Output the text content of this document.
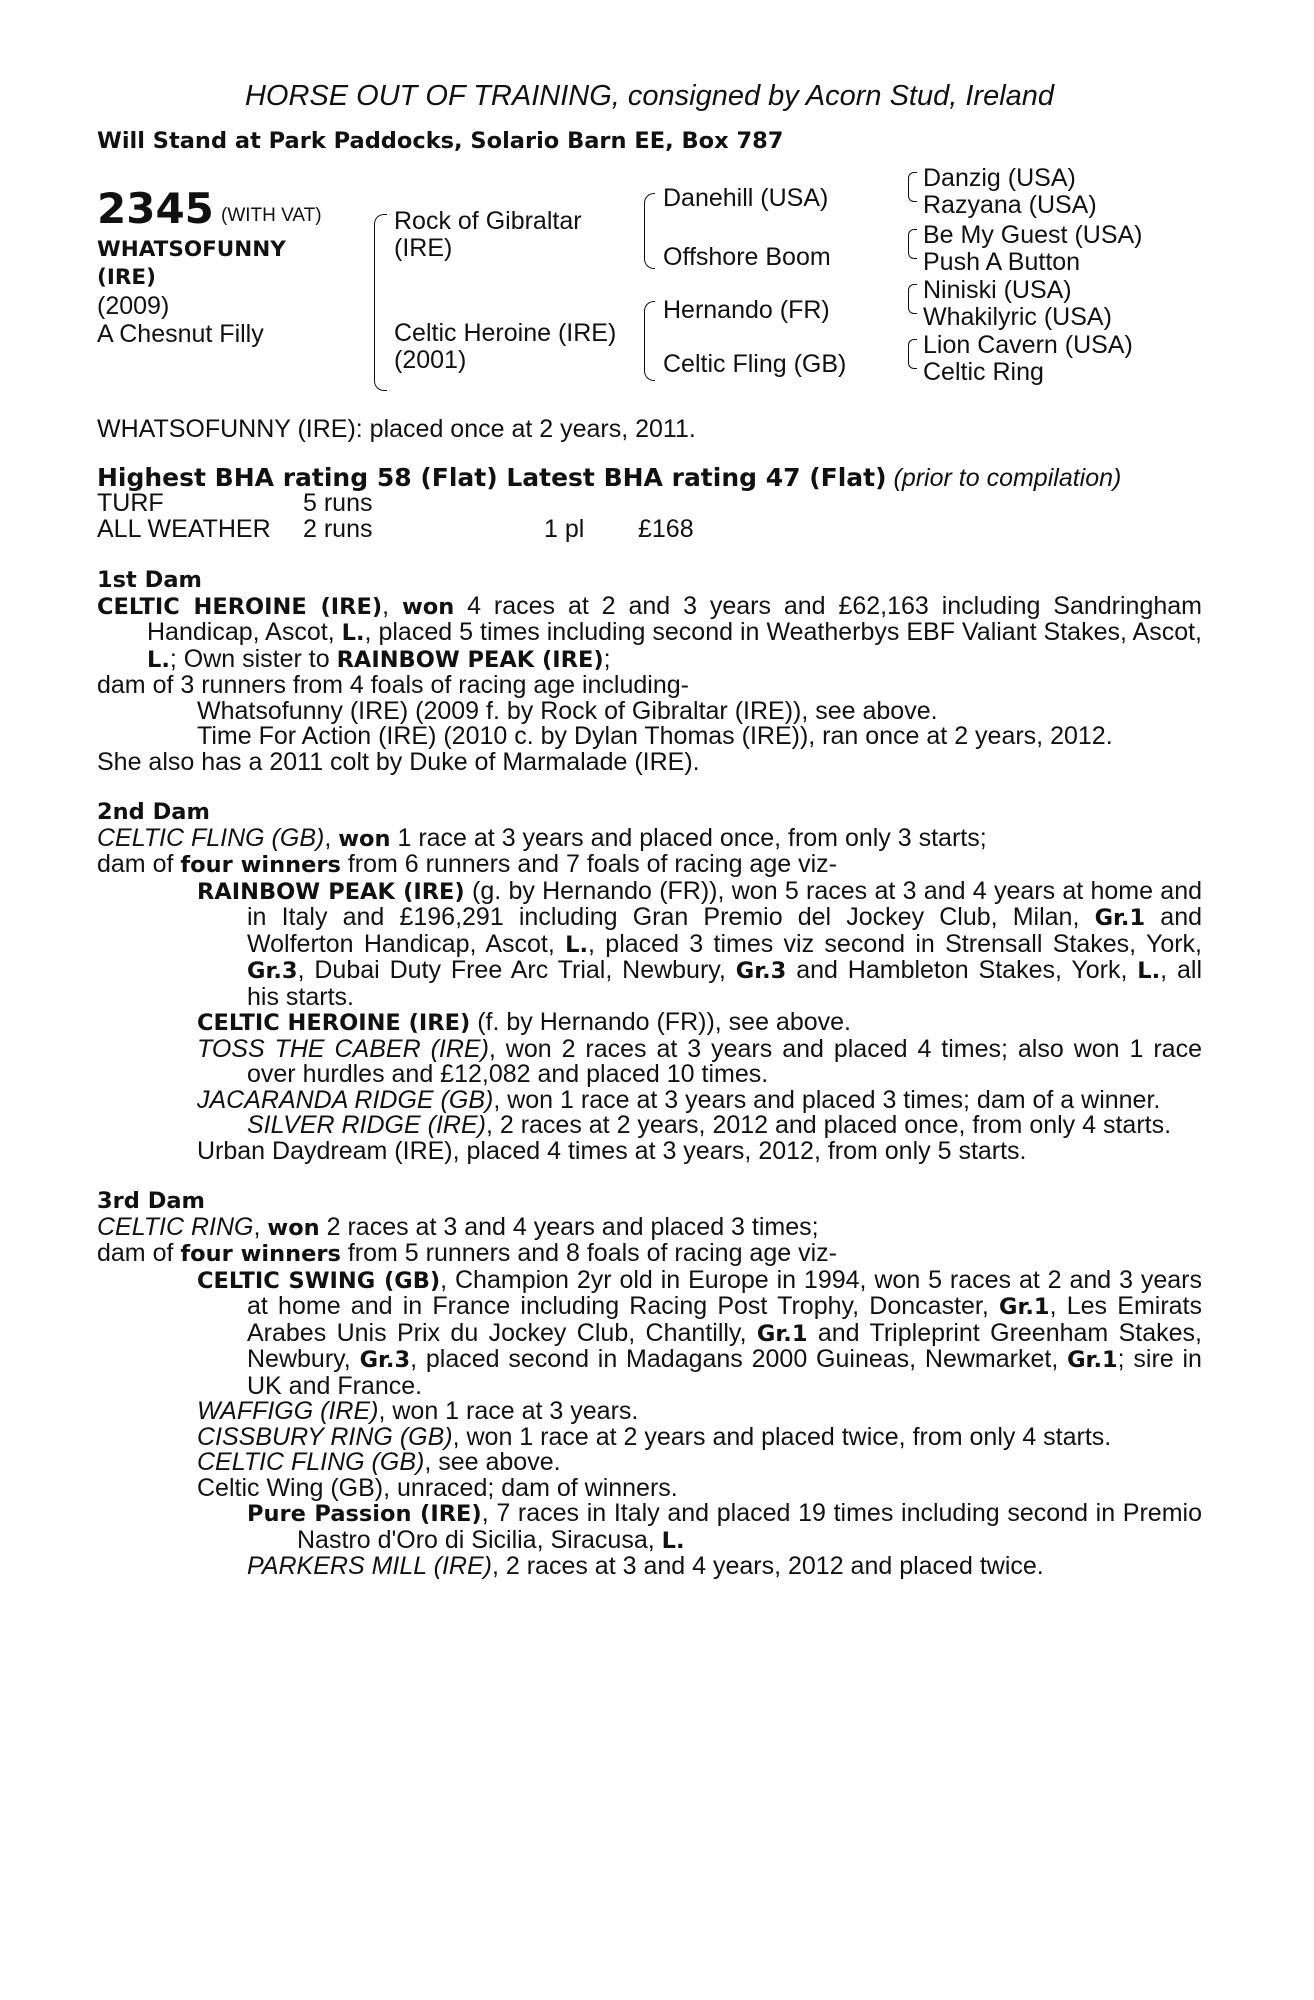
HORSE OUT OF TRAINING, consigned by Acorn Stud, Ireland
Will Stand at Park Paddocks, Solario Barn EE, Box 787
2345 (WITH VAT)
WHATSOFUNNY
(IRE)
(2009)
A Chesnut Filly
Rock of Gibraltar
(IRE)
Celtic Heroine (IRE)
(2001)
Danehill (USA)
Offshore Boom
Hernando (FR)
Celtic Fling (GB)
Danzig (USA)
Razyana (USA)
Be My Guest (USA)
Push A Button
Niniski (USA)
Whakilyric (USA)
Lion Cavern (USA)
Celtic Ring
WHATSOFUNNY (IRE): placed once at 2 years, 2011.
Highest BHA rating 58 (Flat) Latest BHA rating 47 (Flat) (prior to compilation)
TURF	5 runs
ALL WEATHER 2 runs	1 pl £168
1st Dam
CELTIC HEROINE (IRE), won 4 races at 2 and 3 years and £62,163 including Sandringham Handicap, Ascot, L., placed 5 times including second in Weatherbys EBF Valiant Stakes, Ascot, L.; Own sister to RAINBOW PEAK (IRE);
dam of 3 runners from 4 foals of racing age including-
Whatsofunny (IRE) (2009 f. by Rock of Gibraltar (IRE)), see above.
Time For Action (IRE) (2010 c. by Dylan Thomas (IRE)), ran once at 2 years, 2012.
She also has a 2011 colt by Duke of Marmalade (IRE).
2nd Dam
CELTIC FLING (GB), won 1 race at 3 years and placed once, from only 3 starts;
dam of four winners from 6 runners and 7 foals of racing age viz-
RAINBOW PEAK (IRE) (g. by Hernando (FR)), won 5 races at 3 and 4 years at home and in Italy and £196,291 including Gran Premio del Jockey Club, Milan, Gr.1 and Wolferton Handicap, Ascot, L., placed 3 times viz second in Strensall Stakes, York, Gr.3, Dubai Duty Free Arc Trial, Newbury, Gr.3 and Hambleton Stakes, York, L., all his starts.
CELTIC HEROINE (IRE) (f. by Hernando (FR)), see above.
TOSS THE CABER (IRE), won 2 races at 3 years and placed 4 times; also won 1 race over hurdles and £12,082 and placed 10 times.
JACARANDA RIDGE (GB), won 1 race at 3 years and placed 3 times; dam of a winner.
SILVER RIDGE (IRE), 2 races at 2 years, 2012 and placed once, from only 4 starts.
Urban Daydream (IRE), placed 4 times at 3 years, 2012, from only 5 starts.
3rd Dam
CELTIC RING, won 2 races at 3 and 4 years and placed 3 times;
dam of four winners from 5 runners and 8 foals of racing age viz-
CELTIC SWING (GB), Champion 2yr old in Europe in 1994, won 5 races at 2 and 3 years at home and in France including Racing Post Trophy, Doncaster, Gr.1, Les Emirats Arabes Unis Prix du Jockey Club, Chantilly, Gr.1 and Tripleprint Greenham Stakes, Newbury, Gr.3, placed second in Madagans 2000 Guineas, Newmarket, Gr.1; sire in UK and France.
WAFFIGG (IRE), won 1 race at 3 years.
CISSBURY RING (GB), won 1 race at 2 years and placed twice, from only 4 starts.
CELTIC FLING (GB), see above.
Celtic Wing (GB), unraced; dam of winners.
Pure Passion (IRE), 7 races in Italy and placed 19 times including second in Premio Nastro d'Oro di Sicilia, Siracusa, L.
PARKERS MILL (IRE), 2 races at 3 and 4 years, 2012 and placed twice.
